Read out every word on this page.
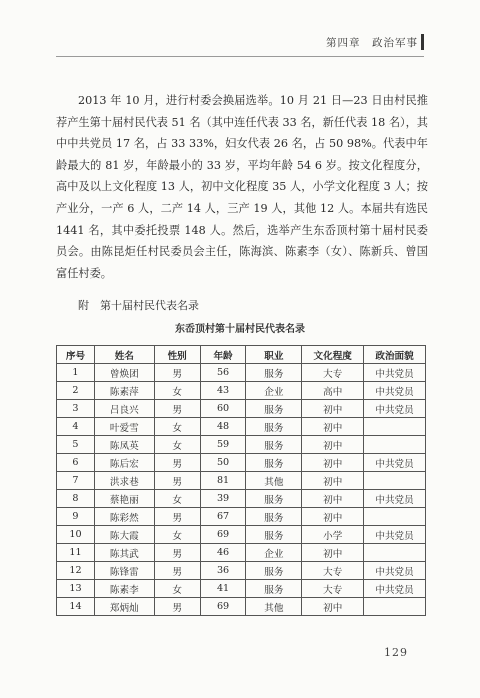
第四章　政治军事
2013 年 10 月，进行村委会换届选举。10 月 21 日—23 日由村民推荐产生第十届村民代表 51 名（其中连任代表 33 名，新任代表 18 名），其中中共党员 17 名，占 33 33%，妇女代表 26 名，占 50 98%。代表中年龄最大的 81 岁，年龄最小的 33 岁，平均年龄 54 6 岁。按文化程度分，高中及以上文化程度 13 人，初中文化程度 35 人，小学文化程度 3 人；按产业分，一产 6 人，二产 14 人，三产 19 人，其他 12 人。本届共有选民 1441 名，其中委托投票 148 人。然后，选举产生东岙顶村第十届村民委员会。由陈昆炬任村民委员会主任，陈海滨、陈素李（女）、陈新兵、曾国富任村委。
附　第十届村民代表名录
东岙顶村第十届村民代表名录
序号	姓名	性别	年龄	职业	文化程度	政治面貌
1	曾焕团	男	56	服务	大专	中共党员
2	陈素萍	女	43	企业	高中	中共党员
3	吕良兴	男	60	服务	初中	中共党员
4	叶爱雪	女	48	服务	初中	
5	陈凤英	女	59	服务	初中	
6	陈后宏	男	50	服务	初中	中共党员
7	洪求巷	男	81	其他	初中	
8	蔡艳丽	女	39	服务	初中	中共党员
9	陈彩然	男	67	服务	初中	
10	陈大霞	女	69	服务	小学	中共党员
11	陈其武	男	46	企业	初中	
12	陈锋雷	男	36	服务	大专	中共党员
13	陈素李	女	41	服务	大专	中共党员
14	郑炳灿	男	69	其他	初中	
129
